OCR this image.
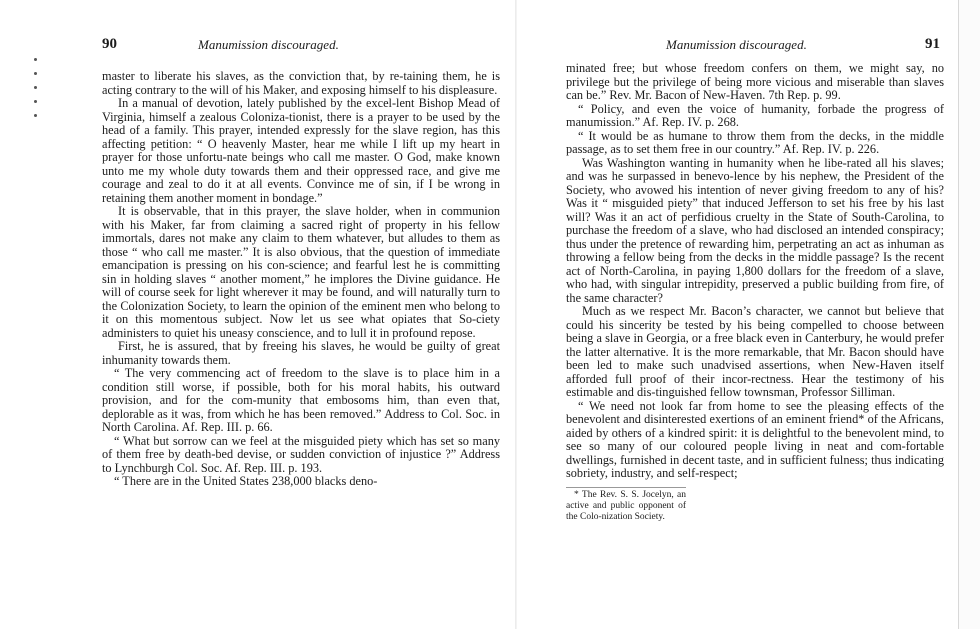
90	Manumission discouraged.

master to liberate his slaves, as the conviction that, by re-taining them, he is acting contrary to the will of his Maker, and exposing himself to his displeasure.

In a manual of devotion, lately published by the excel-lent Bishop Mead of Virginia, himself a zealous Coloniza-tionist, there is a prayer to be used by the head of a family. This prayer, intended expressly for the slave region, has this affecting petition: “ O heavenly Master, hear me while I lift up my heart in prayer for those unfortu-nate beings who call me master. O God, make known unto me my whole duty towards them and their oppressed race, and give me courage and zeal to do it at all events. Convince me of sin, if I be wrong in retaining them another moment in bondage.”

It is observable, that in this prayer, the slave holder, when in communion with his Maker, far from claiming a sacred right of property in his fellow immortals, dares not make any claim to them whatever, but alludes to them as those “ who call me master.” It is also obvious, that the question of immediate emancipation is pressing on his con-science; and fearful lest he is committing sin in holding slaves “ another moment,” he implores the Divine guidance. He will of course seek for light wherever it may be found, and will naturally turn to the Colonization Society, to learn the opinion of the eminent men who belong to it on this momentous subject. Now let us see what opiates that So-ciety administers to quiet his uneasy conscience, and to lull it in profound repose.

First, he is assured, that by freeing his slaves, he would be guilty of great inhumanity towards them.

“ The very commencing act of freedom to the slave is to place him in a condition still worse, if possible, both for his moral habits, his outward provision, and for the com-munity that embosoms him, than even that, deplorable as it was, from which he has been removed.” Address to Col. Soc. in North Carolina. Af. Rep. III. p. 66.

“ What but sorrow can we feel at the misguided piety which has set so many of them free by death-bed devise, or sudden conviction of injustice ?” Address to Lynchburgh Col. Soc. Af. Rep. III. p. 193.

“ There are in the United States 238,000 blacks deno-

Manumission discouraged.	91

minated free; but whose freedom confers on them, we might say, no privilege but the privilege of being more vicious and miserable than slaves can be.” Rev. Mr. Bacon of New-Haven. 7th Rep. p. 99.

“ Policy, and even the voice of humanity, forbade the progress of manumission.” Af. Rep. IV. p. 268.

“ It would be as humane to throw them from the decks, in the middle passage, as to set them free in our country.” Af. Rep. IV. p. 226.

Was Washington wanting in humanity when he libe-rated all his slaves; and was he surpassed in benevo-lence by his nephew, the President of the Society, who avowed his intention of never giving freedom to any of his? Was it “ misguided piety” that induced Jefferson to set his free by his last will? Was it an act of perfidious cruelty in the State of South-Carolina, to purchase the freedom of a slave, who had disclosed an intended conspiracy; thus under the pretence of rewarding him, perpetrating an act as inhuman as throwing a fellow being from the decks in the middle passage? Is the recent act of North-Carolina, in paying 1,800 dollars for the freedom of a slave, who had, with singular intrepidity, preserved a public building from fire, of the same character?

Much as we respect Mr. Bacon’s character, we cannot but believe that could his sincerity be tested by his being compelled to choose between being a slave in Georgia, or a free black even in Canterbury, he would prefer the latter alternative. It is the more remarkable, that Mr. Bacon should have been led to make such unadvised assertions, when New-Haven itself afforded full proof of their incor-rectness. Hear the testimony of his estimable and dis-tinguished fellow townsman, Professor Silliman.

“ We need not look far from home to see the pleasing effects of the benevolent and disinterested exertions of an eminent friend* of the Africans, aided by others of a kindred spirit: it is delightful to the benevolent mind, to see so many of our coloured people living in neat and com-fortable dwellings, furnished in decent taste, and in sufficient fulness; thus indicating sobriety, industry, and self-respect;

* The Rev. S. S. Jocelyn, an active and public opponent of the Colo-nization Society.
